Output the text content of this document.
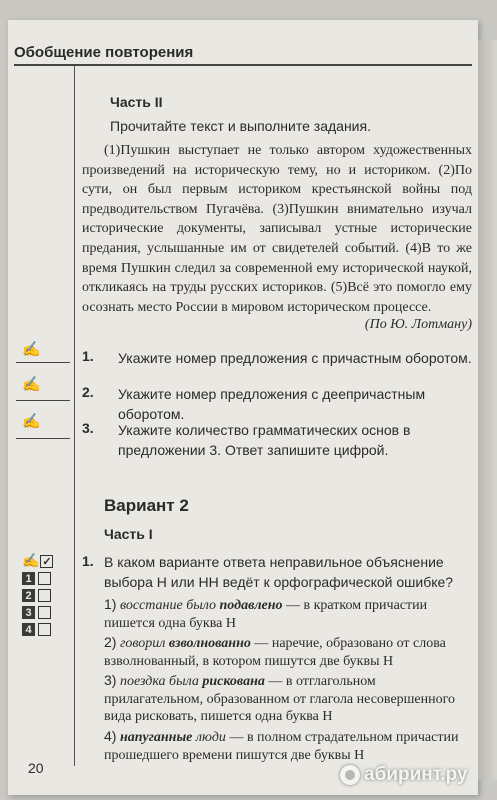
Обобщение повторения
Часть II
Прочитайте текст и выполните задания.
(1)Пушкин выступает не только автором художественных произведений на историческую тему, но и историком. (2)По сути, он был первым историком крестьянской войны под предводительством Пугачёва. (3)Пушкин внимательно изучал исторические документы, записывал устные исторические предания, услышанные им от свидетелей событий. (4)В то же время Пушкин следил за современной ему исторической наукой, откликаясь на труды русских историков. (5)Всё это помогло ему осознать место России в мировом историческом процессе.
(По Ю. Лотману)
✍
✍
✍
1. Укажите номер предложения с причастным оборотом.
2. Укажите номер предложения с деепричастным оборотом.
3. Укажите количество грамматических основ в предложении 3. Ответ запишите цифрой.
Вариант 2
Часть I
✍ ✓
1
2
3
4
1. В каком варианте ответа неправильное объяснение выбора Н или НН ведёт к орфографической ошибке?
1) восстание было подавлено — в кратком причастии пишется одна буква Н
2) говорил взволнованно — наречие, образовано от слова взволнованный, в котором пишутся две буквы Н
3) поездка была рискована — в отглагольном прилагательном, образованном от глагола несовершенного вида рисковать, пишется одна буква Н
4) напуганные люди — в полном страдательном причастии прошедшего времени пишутся две буквы Н
20	абиринт.ру
